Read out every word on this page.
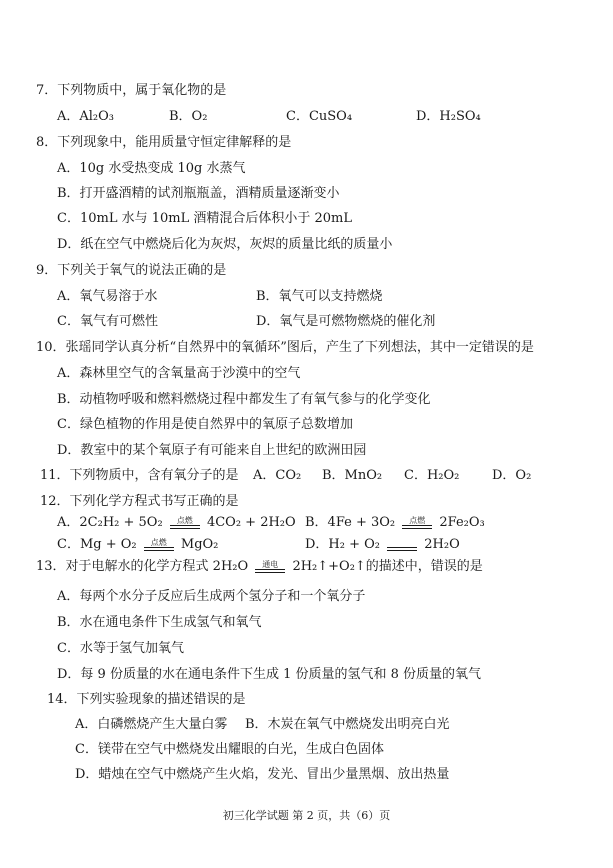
7．下列物质中，属于氧化物的是
A．Al₂O₃	B．O₂	C．CuSO₄	D．H₂SO₄
8．下列现象中，能用质量守恒定律解释的是
A．10g 水受热变成 10g 水蒸气
B．打开盛酒精的试剂瓶瓶盖，酒精质量逐渐变小
C．10mL 水与 10mL 酒精混合后体积小于 20mL
D．纸在空气中燃烧后化为灰烬，灰烬的质量比纸的质量小
9．下列关于氧气的说法正确的是
A．氧气易溶于水	B．氧气可以支持燃烧
C．氧气有可燃性	D．氧气是可燃物燃烧的催化剂
10．张瑶同学认真分析“自然界中的氧循环”图后，产生了下列想法，其中一定错误的是
A．森林里空气的含氧量高于沙漠中的空气
B．动植物呼吸和燃料燃烧过程中都发生了有氧气参与的化学变化
C．绿色植物的作用是使自然界中的氧原子总数增加
D．教室中的某个氧原子有可能来自上世纪的欧洲田园
11．下列物质中，含有氧分子的是 A．CO₂ B．MnO₂ C．H₂O₂	D．O₂
12．下列化学方程式书写正确的是
A．2C₂H₂ + 5O₂ 点燃 4CO₂ + 2H₂O B．4Fe + 3O₂ 点燃 2Fe₂O₃
C．Mg + O₂ 点燃 MgO₂	D．H₂ + O₂	2H₂O
13．对于电解水的化学方程式 2H₂O 通电 2H₂↑+O₂↑的描述中，错误的是
A．每两个水分子反应后生成两个氢分子和一个氧分子
B．水在通电条件下生成氢气和氧气
C．水等于氢气加氧气
D．每 9 份质量的水在通电条件下生成 1 份质量的氢气和 8 份质量的氧气
14．下列实验现象的描述错误的是
A．白磷燃烧产生大量白雾 B．木炭在氧气中燃烧发出明亮白光
C．镁带在空气中燃烧发出耀眼的白光，生成白色固体
D．蜡烛在空气中燃烧产生火焰，发光、冒出少量黑烟、放出热量
初三化学试题 第 2 页，共（6）页
